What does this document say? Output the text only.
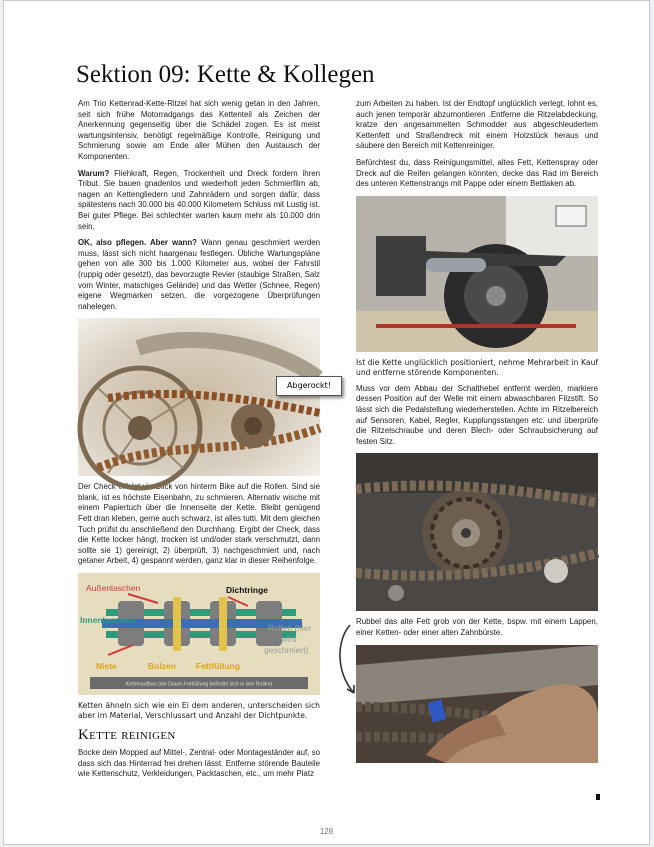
Sektion 09: Kette & Kollegen

Am Trio Kettenrad-Kette-Ritzel hat sich wenig getan in den Jahren, seit sich frühe Motorradgangs das Kettenteil als Zeichen der Anerkennung gegenseitig über die Schädel zogen. Es ist meist wartungsintensiv, benötigt regelmäßige Kontrolle, Reinigung und Schmierung sowie am Ende aller Mühen den Austausch der Komponenten.

Warum? Fliehkraft, Regen, Trockenheit und Dreck fordern ihren Tribut. Sie bauen gnadenlos und wiederholt jeden Schmierfilm ab, nagen an Kettengliedern und Zahnrädern und sorgen dafür, dass spätestens nach 30.000 bis 40.000 Kilometern Schluss mit Lustig ist. Bei guter Pflege. Bei schlechter warten kaum mehr als 10.000 drin sein.

OK, also pflegen. Aber wann? Wann genau geschmiert werden muss, lässt sich nicht haargenau festlegen. Übliche Wartungspläne gehen von alle 300 bis 1.000 Kilometer aus, wobei der Fahrstil (ruppig oder gesetzt), das bevorzugte Revier (staubige Straßen, Salz vom Winter, matschiges Gelände) und das Wetter (Schnee, Regen) eigene Wegmarken setzen, die vorgezogene Überprüfungen nahelegen.

Abgerockt!

Der Check erfolgt via Blick von hinterm Bike auf die Rollen. Sind sie blank, ist es höchste Eisenbahn, zu schmieren. Alternativ wische mit einem Papiertuch über die Innenseite der Kette. Bleibt genügend Fett dran kleben, gerne auch schwarz, ist alles tutti. Mit dem gleichen Tuch prüfst du anschließend den Durchhang. Ergibt der Check, dass die Kette locker hängt, trocken ist und/oder stark verschmutzt, dann sollte sie 1) gereinigt, 2) überprüft, 3) nachgeschmiert und, nach getaner Arbeit, 4) gespannt werden, ganz klar in dieser Reihenfolge.

Außenlaschen	Dichtringe
Innenlaschen
Rollen (hier
wird
geschmiert)
Niete	Bolzen Fettfüllung
Kettenaufbau (die Dauer-Fettfüllung befindet sich in den Rollen)

Ketten ähneln sich wie ein Ei dem anderen, unterscheiden sich aber im Material, Verschlussart und Anzahl der Dichtpunkte.

Kette reinigen

Bocke dein Mopped auf Mittel-, Zentral- oder Montageständer auf, so dass sich das Hinterrad frei drehen lässt. Entferne störende Bauteile wie Kettenschutz, Verkleidungen, Packtaschen, etc., um mehr Platz

zum Arbeiten zu haben. Ist der Endtopf unglücklich verlegt, lohnt es, auch jenen temporär abzumontieren .Entferne die Ritzelabdeckung, kratze den angesammelten Schmodder aus abgeschleudertem Kettenfett und Straßendreck mit einem Holzstück heraus und säubere den Bereich mit Kettenreiniger.

Befürchtest du, dass Reinigungsmittel, altes Fett, Kettenspray oder Dreck auf die Reifen gelangen könnten, decke das Rad im Bereich des unteren Kettenstrangs mit Pappe oder einem Bettlaken ab.

Ist die Kette unglücklich positioniert, nehme Mehrarbeit in Kauf und entferne störende Komponenten.

Muss vor dem Abbau der Schalthebel entfernt werden, markiere dessen Position auf der Welle mit einem abwaschbaren Filzstift. So lässt sich die Pedalstellung wiederherstellen. Achte im Ritzelbereich auf Sensoren, Kabel, Regler, Kupplungsstangen etc. und überprüfe die Ritzelschraube und deren Blech- oder Schraubsicherung auf festen Sitz.

Rubbel das alte Fett grob von der Kette, bspw. mit einem Lappen, einer Ketten- oder einer alten Zahnbürste.

128
